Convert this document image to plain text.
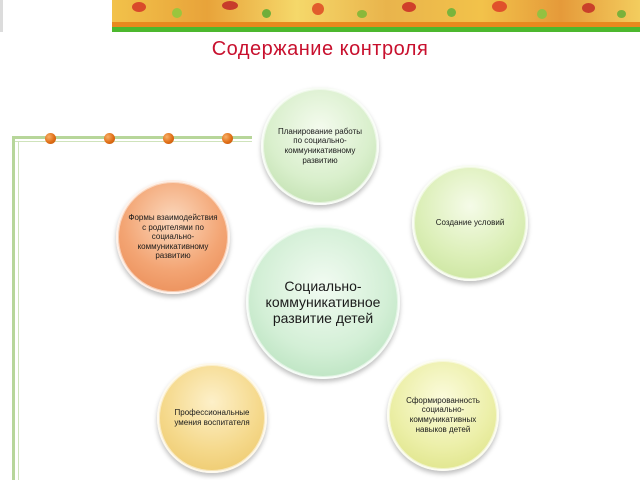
Содержание контроля
Планирование работы по социально-коммуникативному развитию
Создание условий
Формы взаимодействия с родителями по социально-коммуникативному развитию
Социально-коммуникативное развитие детей
Профессиональные умения воспитателя
Сформированность социально-коммуникативных навыков детей
